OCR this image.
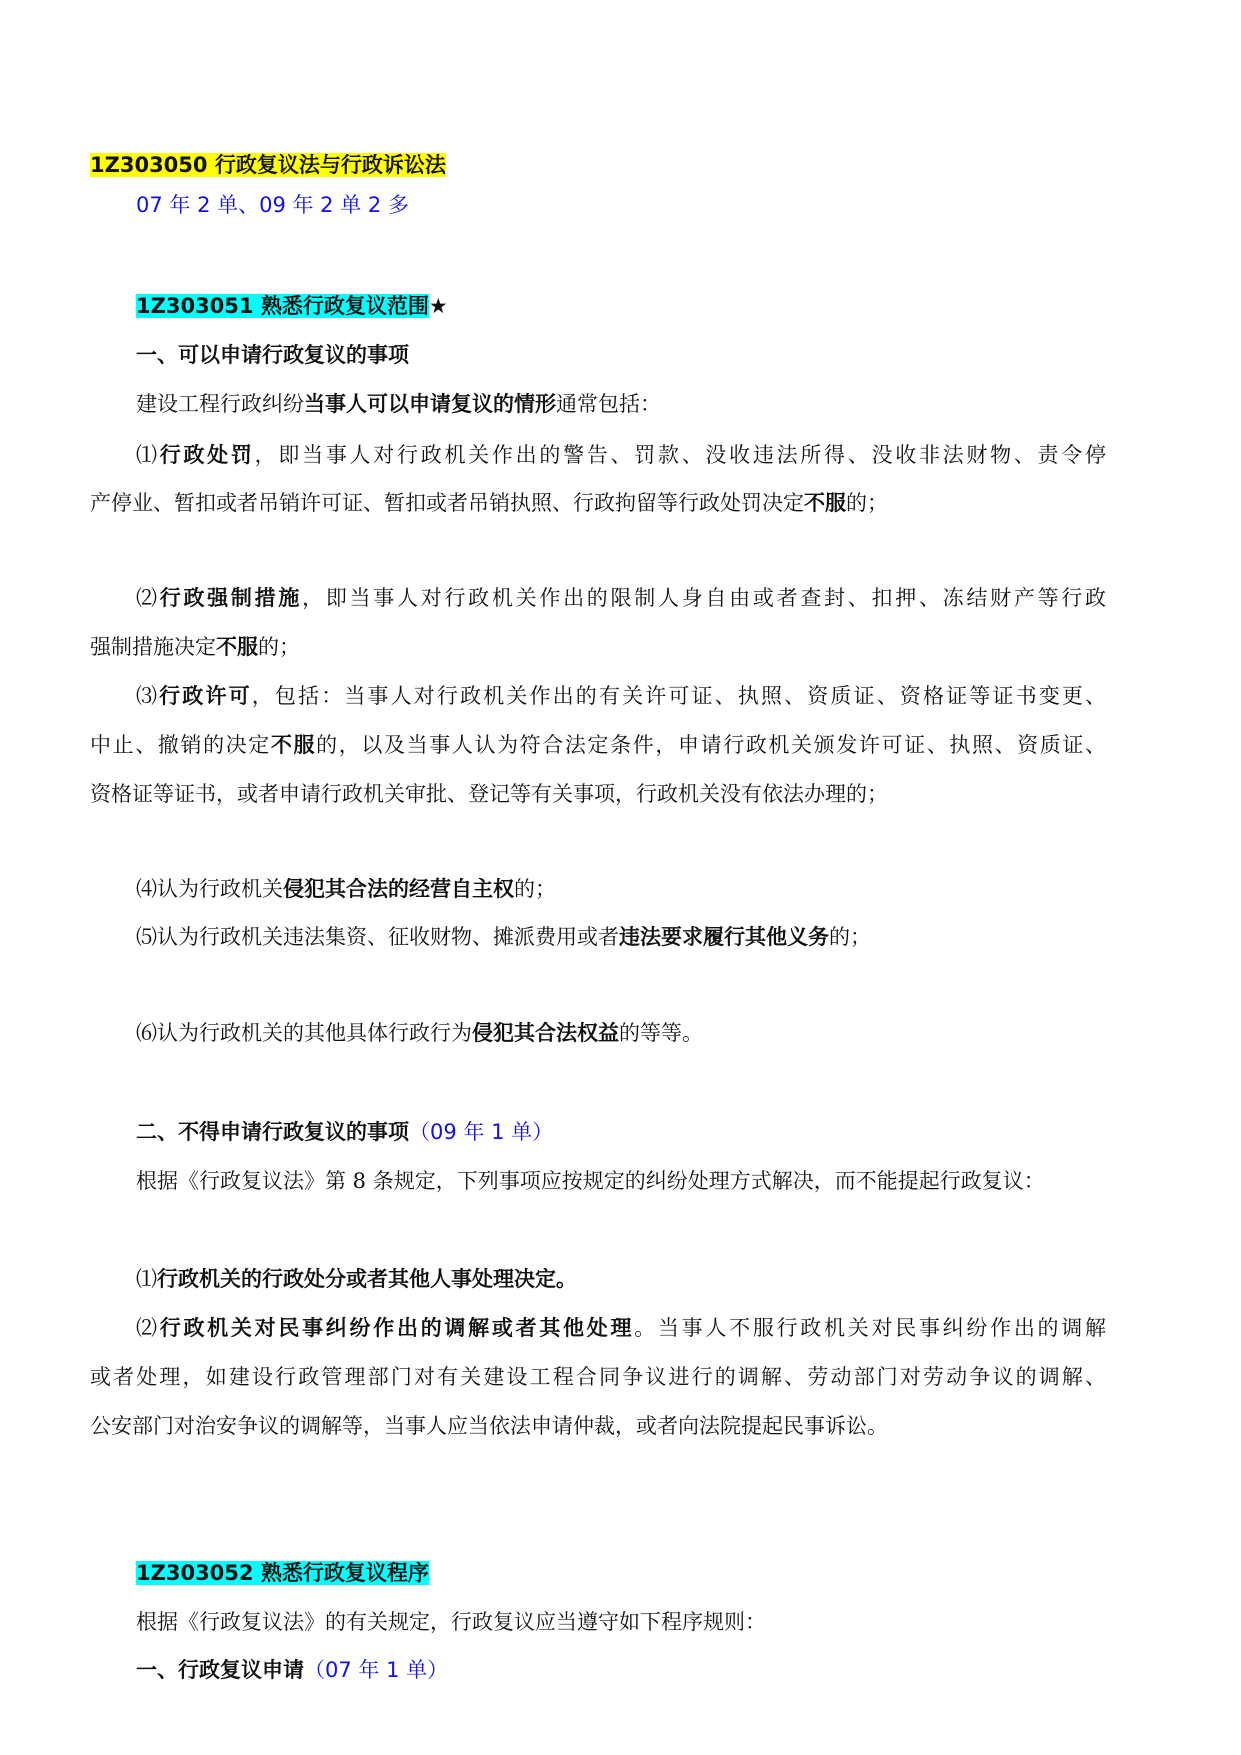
1Z303050 行政复议法与行政诉讼法
07 年 2 单、09 年 2 单 2 多
1Z303051 熟悉行政复议范围★
一、可以申请行政复议的事项
建设工程行政纠纷当事人可以申请复议的情形通常包括：
⑴行政处罚，即当事人对行政机关作出的警告、罚款、没收违法所得、没收非法财物、责令停
产停业、暂扣或者吊销许可证、暂扣或者吊销执照、行政拘留等行政处罚决定不服的；
⑵行政强制措施，即当事人对行政机关作出的限制人身自由或者查封、扣押、冻结财产等行政
强制措施决定不服的；
⑶行政许可，包括：当事人对行政机关作出的有关许可证、执照、资质证、资格证等证书变更、
中止、撤销的决定不服的，以及当事人认为符合法定条件，申请行政机关颁发许可证、执照、资质证、
资格证等证书，或者申请行政机关审批、登记等有关事项，行政机关没有依法办理的；
⑷认为行政机关侵犯其合法的经营自主权的；
⑸认为行政机关违法集资、征收财物、摊派费用或者违法要求履行其他义务的；
⑹认为行政机关的其他具体行政行为侵犯其合法权益的等等。
二、不得申请行政复议的事项（09 年 1 单）
根据《行政复议法》第 8 条规定，下列事项应按规定的纠纷处理方式解决，而不能提起行政复议：
⑴行政机关的行政处分或者其他人事处理决定。
⑵行政机关对民事纠纷作出的调解或者其他处理。当事人不服行政机关对民事纠纷作出的调解
或者处理，如建设行政管理部门对有关建设工程合同争议进行的调解、劳动部门对劳动争议的调解、
公安部门对治安争议的调解等，当事人应当依法申请仲裁，或者向法院提起民事诉讼。
1Z303052 熟悉行政复议程序
根据《行政复议法》的有关规定，行政复议应当遵守如下程序规则：
一、行政复议申请（07 年 1 单）
